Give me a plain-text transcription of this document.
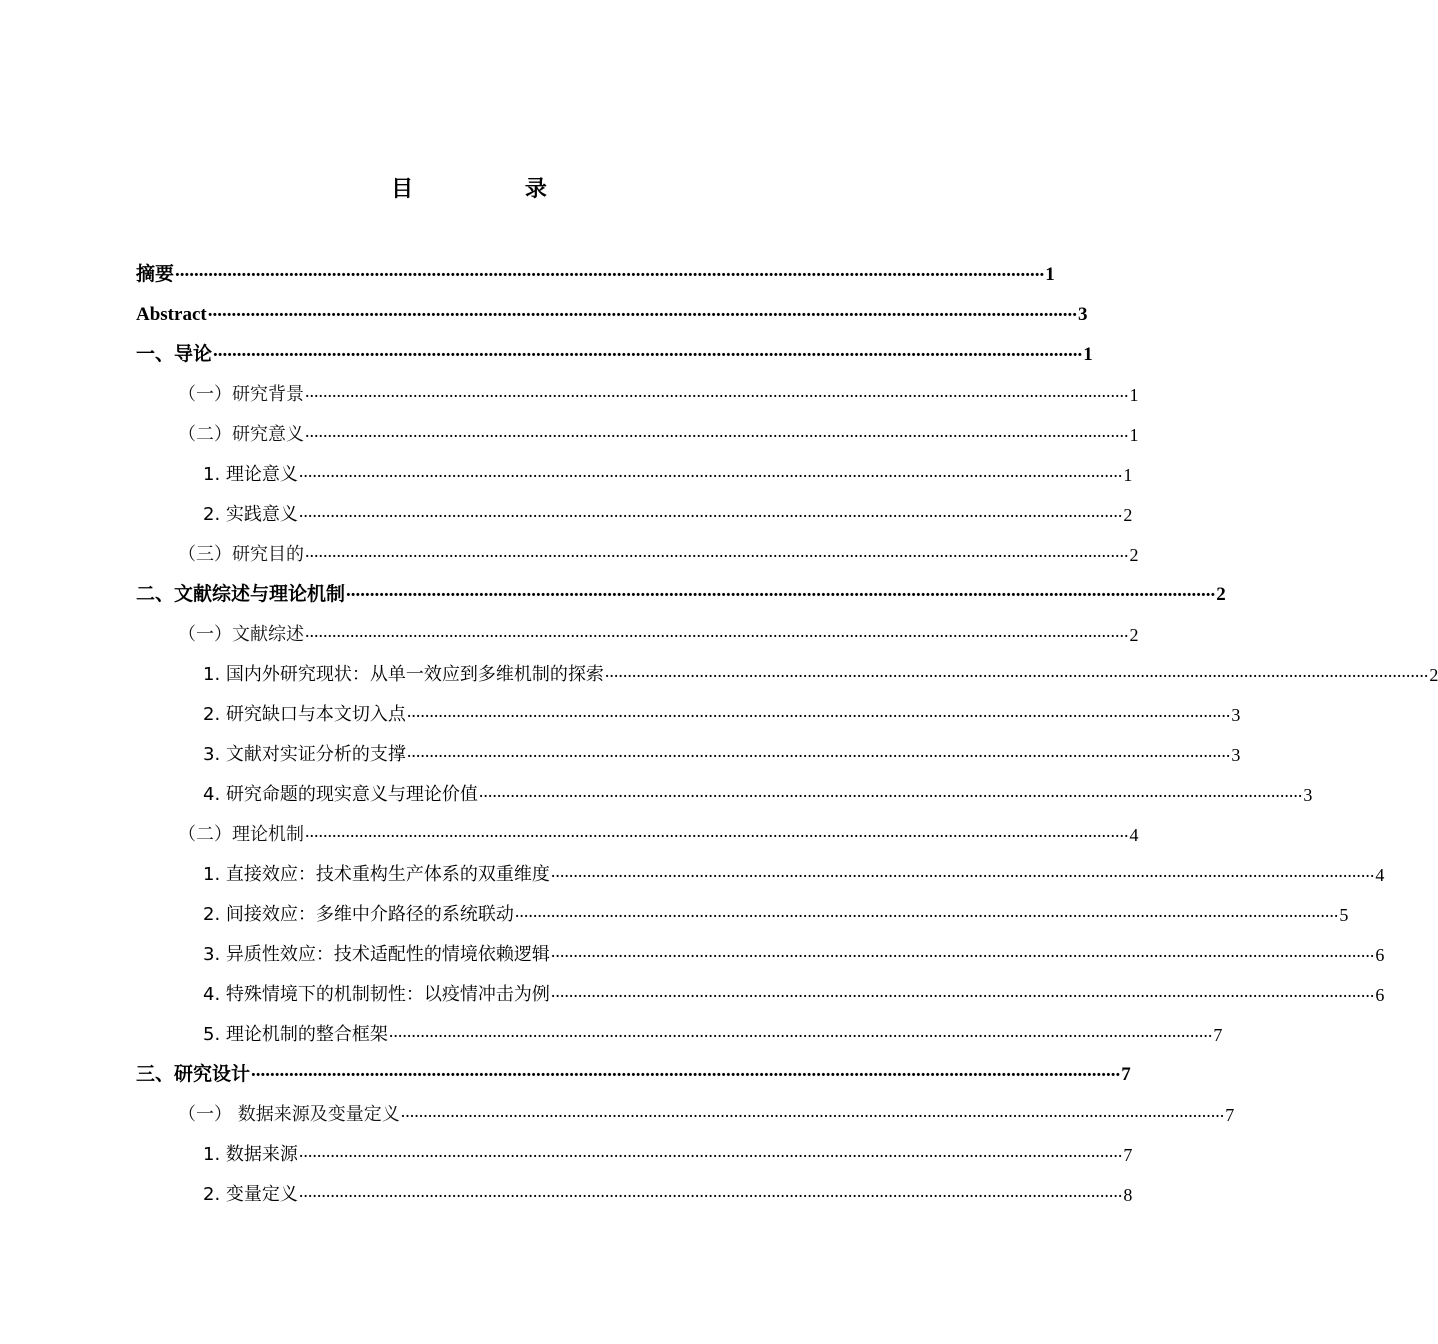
目 录
摘要 ....................................................................................................................................................................................... 1
Abstract ....................................................................................................................................................................................... 3
一、导论 ....................................................................................................................................................................................... 1
（一）研究背景 ....................................................................................................................................................................................... 1
（二）研究意义 ....................................................................................................................................................................................... 1
1. 理论意义 ....................................................................................................................................................................................... 1
2. 实践意义 ....................................................................................................................................................................................... 2
（三）研究目的 ....................................................................................................................................................................................... 2
二、文献综述与理论机制 ....................................................................................................................................................................................... 2
（一）文献综述 ....................................................................................................................................................................................... 2
1. 国内外研究现状：从单一效应到多维机制的探索 ....................................................................................................................................................................................... 2
2. 研究缺口与本文切入点 ....................................................................................................................................................................................... 3
3. 文献对实证分析的支撑 ....................................................................................................................................................................................... 3
4. 研究命题的现实意义与理论价值 ....................................................................................................................................................................................... 3
（二）理论机制 ....................................................................................................................................................................................... 4
1. 直接效应：技术重构生产体系的双重维度 ....................................................................................................................................................................................... 4
2. 间接效应：多维中介路径的系统联动 ....................................................................................................................................................................................... 5
3. 异质性效应：技术适配性的情境依赖逻辑 ....................................................................................................................................................................................... 6
4. 特殊情境下的机制韧性：以疫情冲击为例 ....................................................................................................................................................................................... 6
5. 理论机制的整合框架 ....................................................................................................................................................................................... 7
三、研究设计 ....................................................................................................................................................................................... 7
（一） 数据来源及变量定义 ....................................................................................................................................................................................... 7
1. 数据来源 ....................................................................................................................................................................................... 7
2. 变量定义 ....................................................................................................................................................................................... 8
